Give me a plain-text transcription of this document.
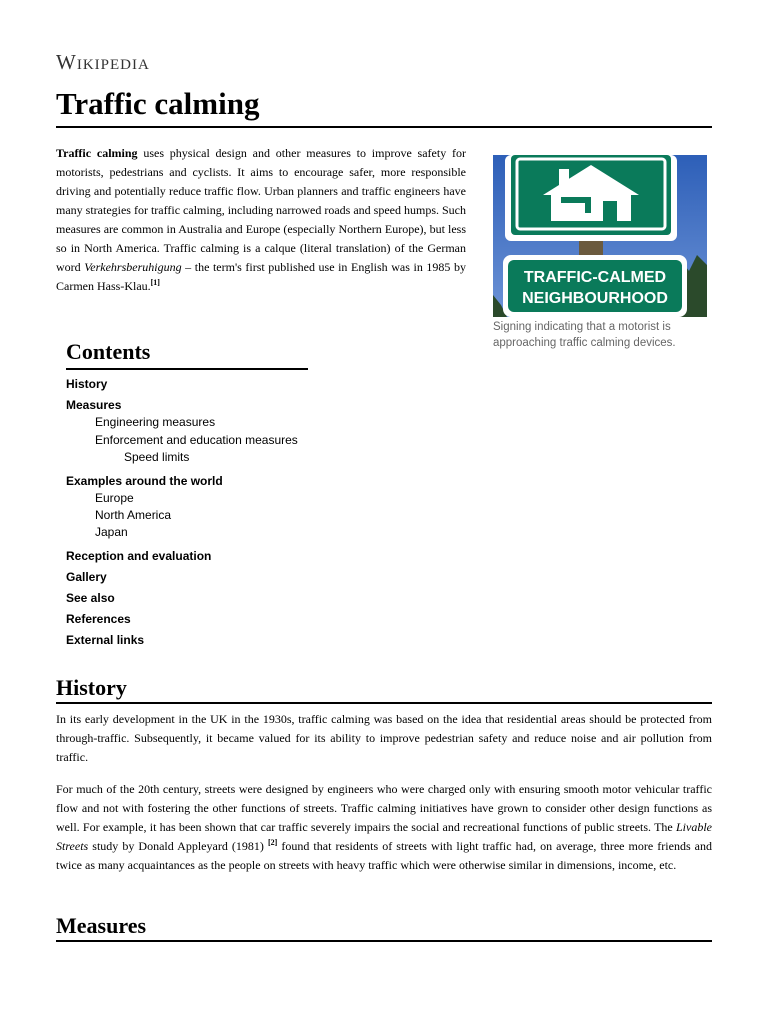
Wikipedia
Traffic calming

Traffic calming uses physical design and other measures to improve safety for motorists, pedestrians and cyclists. It aims to encourage safer, more responsible driving and potentially reduce traffic flow. Urban planners and traffic engineers have many strategies for traffic calming, including narrowed roads and speed humps. Such measures are common in Australia and Europe (especially Northern Europe), but less so in North America. Traffic calming is a calque (literal translation) of the German word Verkehrsberuhigung – the term's first published use in English was in 1985 by Carmen Hass-Klau.[1]	TRAFFIC-CALMED
NEIGHBOURHOOD
Signing indicating that a motorist is approaching traffic calming devices.
Contents
History
Measures
Engineering measures
Enforcement and education measures
Speed limits
Examples around the world
Europe
North America
Japan
Reception and evaluation
Gallery
See also
References
External links
History

In its early development in the UK in the 1930s, traffic calming was based on the idea that residential areas should be protected from through-traffic. Subsequently, it became valued for its ability to improve pedestrian safety and reduce noise and air pollution from traffic.

For much of the 20th century, streets were designed by engineers who were charged only with ensuring smooth motor vehicular traffic flow and not with fostering the other functions of streets. Traffic calming initiatives have grown to consider other design functions as well. For example, it has been shown that car traffic severely impairs the social and recreational functions of public streets. The Livable Streets study by Donald Appleyard (1981) [2] found that residents of streets with light traffic had, on average, three more friends and twice as many acquaintances as the people on streets with heavy traffic which were otherwise similar in dimensions, income, etc.

Measures
